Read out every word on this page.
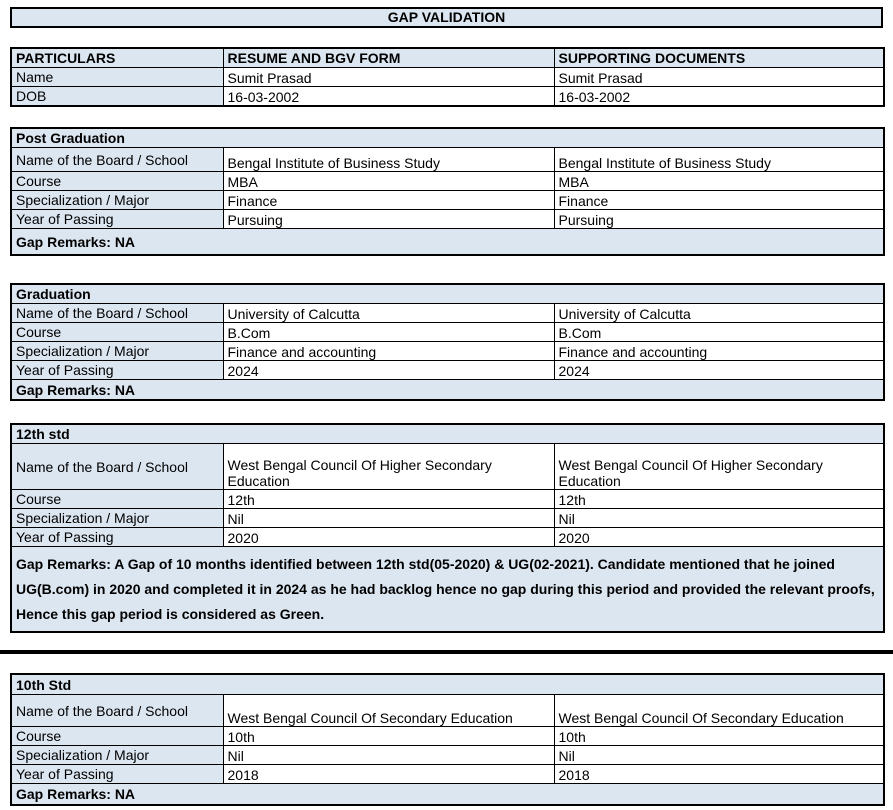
GAP VALIDATION
PARTICULARS	RESUME AND BGV FORM	SUPPORTING DOCUMENTS
Name	Sumit Prasad	Sumit Prasad
DOB	16-03-2002	16-03-2002
Post Graduation		
Name of the Board / School	Bengal Institute of Business Study	Bengal Institute of Business Study
Course	MBA	MBA
Specialization / Major	Finance	Finance
Year of Passing	Pursuing	Pursuing
Gap Remarks: NA		
Graduation		
Name of the Board / School	University of Calcutta	University of Calcutta
Course	B.Com	B.Com
Specialization / Major	Finance and accounting	Finance and accounting
Year of Passing	2024	2024
Gap Remarks: NA		
12th std		
Name of the Board / School	West Bengal Council Of Higher Secondary Education	West Bengal Council Of Higher Secondary Education
Course	12th	12th
Specialization / Major	Nil	Nil
Year of Passing	2020	2020
Gap Remarks: A Gap of 10 months identified between 12th std(05-2020) & UG(02-2021). Candidate mentioned that he joined UG(B.com) in 2020 and completed it in 2024 as he had backlog hence no gap during this period and provided the relevant proofs, Hence this gap period is considered as Green.		
10th Std		
Name of the Board / School	West Bengal Council Of Secondary Education	West Bengal Council Of Secondary Education
Course	10th	10th
Specialization / Major	Nil	Nil
Year of Passing	2018	2018
Gap Remarks: NA		
